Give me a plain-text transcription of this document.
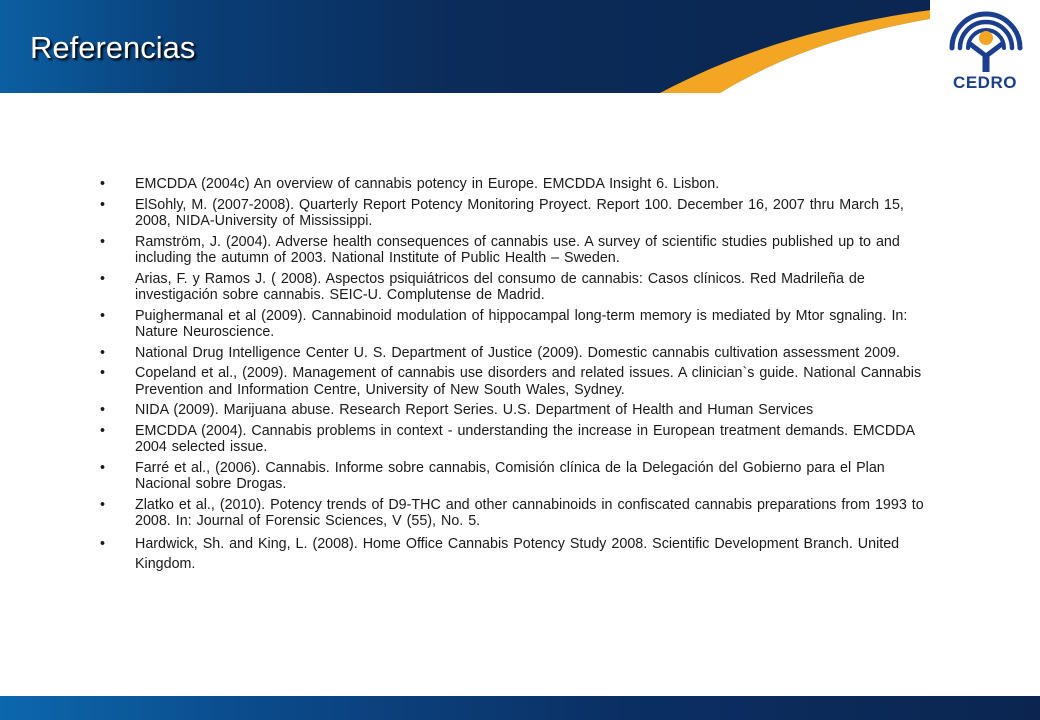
Referencias
CEDRO
• EMCDDA (2004c) An overview of cannabis potency in Europe. EMCDDA Insight 6. Lisbon.
• ElSohly, M. (2007-2008). Quarterly Report Potency Monitoring Proyect. Report 100. December 16, 2007 thru March 15, 2008, NIDA-University of Mississippi.
• Ramström, J. (2004). Adverse health consequences of cannabis use. A survey of scientific studies published up to and including the autumn of 2003. National Institute of Public Health – Sweden.
• Arias, F. y Ramos J. ( 2008). Aspectos psiquiátricos del consumo de cannabis: Casos clínicos. Red Madrileña de investigación sobre cannabis. SEIC-U. Complutense de Madrid.
• Puighermanal et al (2009). Cannabinoid modulation of hippocampal long-term memory is mediated by Mtor sgnaling. In: Nature Neuroscience.
• National Drug Intelligence Center U. S. Department of Justice (2009). Domestic cannabis cultivation assessment 2009.
• Copeland et al., (2009). Management of cannabis use disorders and related issues. A clinician`s guide. National Cannabis Prevention and Information Centre, University of New South Wales, Sydney.
• NIDA (2009). Marijuana abuse. Research Report Series. U.S. Department of Health and Human Services
• EMCDDA (2004). Cannabis problems in context - understanding the increase in European treatment demands. EMCDDA 2004 selected issue.
• Farré et al., (2006). Cannabis. Informe sobre cannabis, Comisión clínica de la Delegación del Gobierno para el Plan Nacional sobre Drogas.
• Zlatko et al., (2010). Potency trends of D9-THC and other cannabinoids in confiscated cannabis preparations from 1993 to 2008. In: Journal of Forensic Sciences, V (55), No. 5.
• Hardwick, Sh. and King, L. (2008). Home Office Cannabis Potency Study 2008. Scientific Development Branch. United Kingdom.
